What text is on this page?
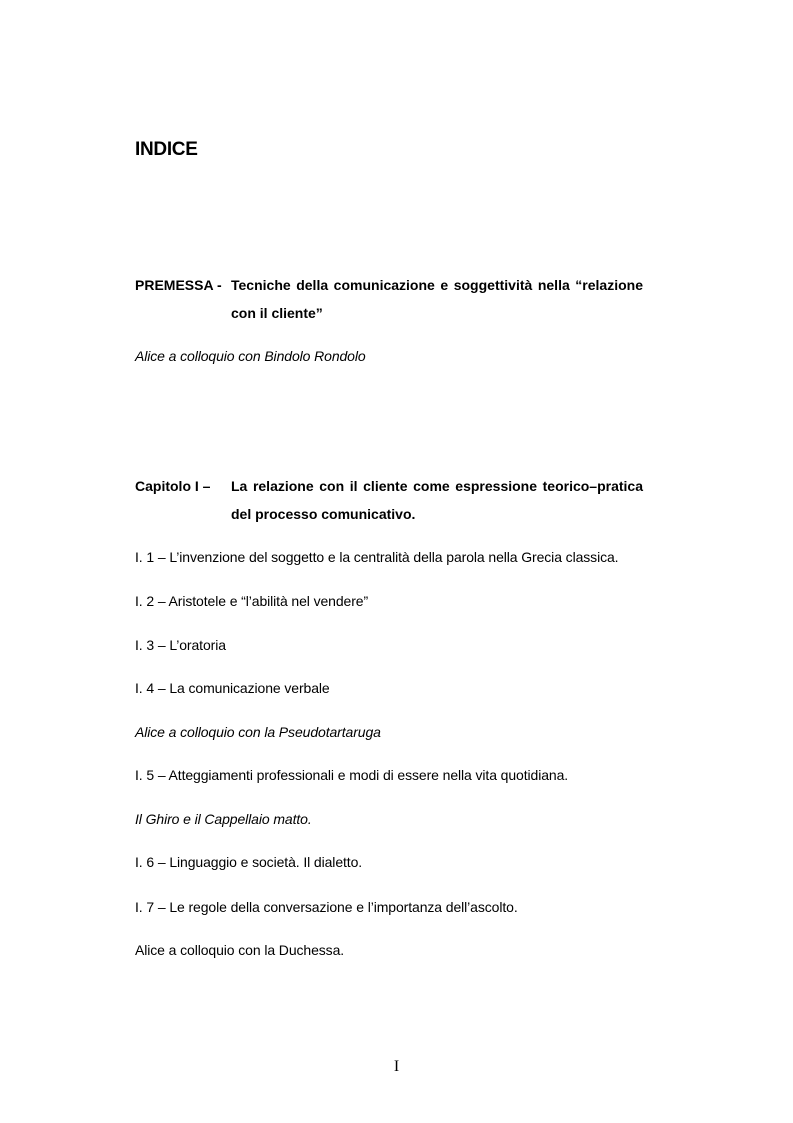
INDICE
PREMESSA - Tecniche della comunicazione e soggettività nella “relazione con il cliente”
Alice a colloquio con Bindolo Rondolo
Capitolo I – La relazione con il cliente come espressione teorico–pratica del processo comunicativo.
I. 1 – L’invenzione del soggetto e la centralità della parola nella Grecia classica.
I. 2 – Aristotele e “l’abilità nel vendere”
I. 3 – L’oratoria
I. 4 – La comunicazione verbale
Alice a colloquio con la Pseudotartaruga
I. 5 – Atteggiamenti professionali e modi di essere nella vita quotidiana.
Il Ghiro e il Cappellaio matto.
I. 6 – Linguaggio e società. Il dialetto.
I. 7 – Le regole della conversazione e l’importanza dell’ascolto.
Alice a colloquio con la Duchessa.
I
